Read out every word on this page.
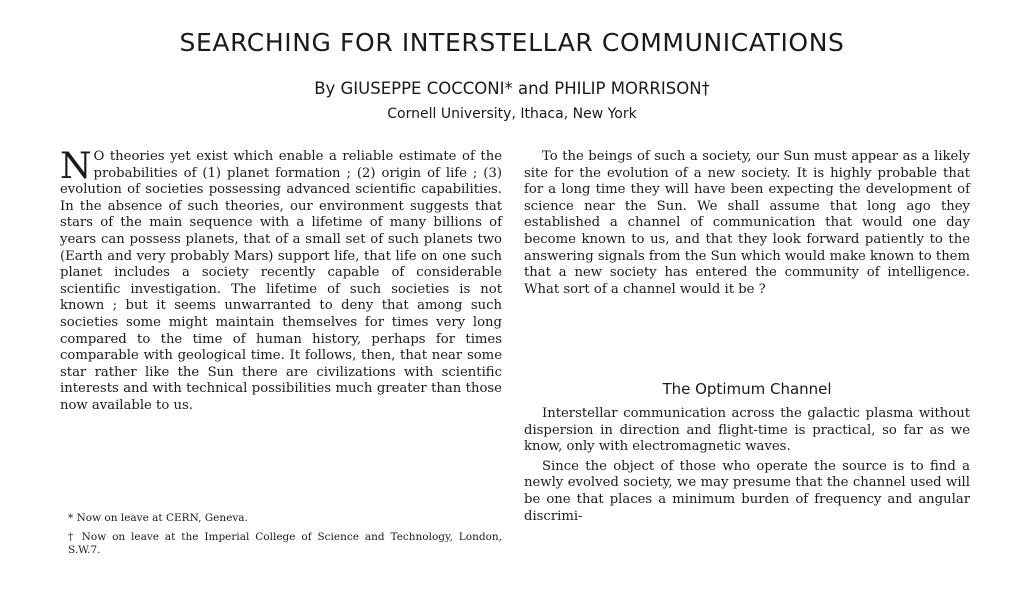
SEARCHING FOR INTERSTELLAR COMMUNICATIONS
By GIUSEPPE COCCONI* and PHILIP MORRISON†
Cornell University, Ithaca, New York

N O theories yet exist which enable a reliable estimate of the probabilities of (1) planet formation ; (2) origin of life ; (3) evolution of societies possessing advanced scientific capabilities. In the absence of such theories, our environment suggests that stars of the main sequence with a lifetime of many billions of years can possess planets, that of a small set of such planets two (Earth and very probably Mars) support life, that life on one such planet includes a society recently capable of considerable scientific investigation. The lifetime of such societies is not known ; but it seems unwarranted to deny that among such societies some might maintain themselves for times very long compared to the time of human history, perhaps for times comparable with geological time. It follows, then, that near some star rather like the Sun there are civilizations with scientific interests and with technical possibilities much greater than those now available to us.

* Now on leave at CERN, Geneva.

† Now on leave at the Imperial College of Science and Technology, London, S.W.7.

To the beings of such a society, our Sun must appear as a likely site for the evolution of a new society. It is highly probable that for a long time they will have been expecting the development of science near the Sun. We shall assume that long ago they established a channel of communication that would one day become known to us, and that they look forward patiently to the answering signals from the Sun which would make known to them that a new society has entered the community of intelligence. What sort of a channel would it be ?

The Optimum Channel

Interstellar communication across the galactic plasma without dispersion in direction and flight-time is practical, so far as we know, only with electromagnetic waves.

Since the object of those who operate the source is to find a newly evolved society, we may presume that the channel used will be one that places a minimum burden of frequency and angular discrimi-
